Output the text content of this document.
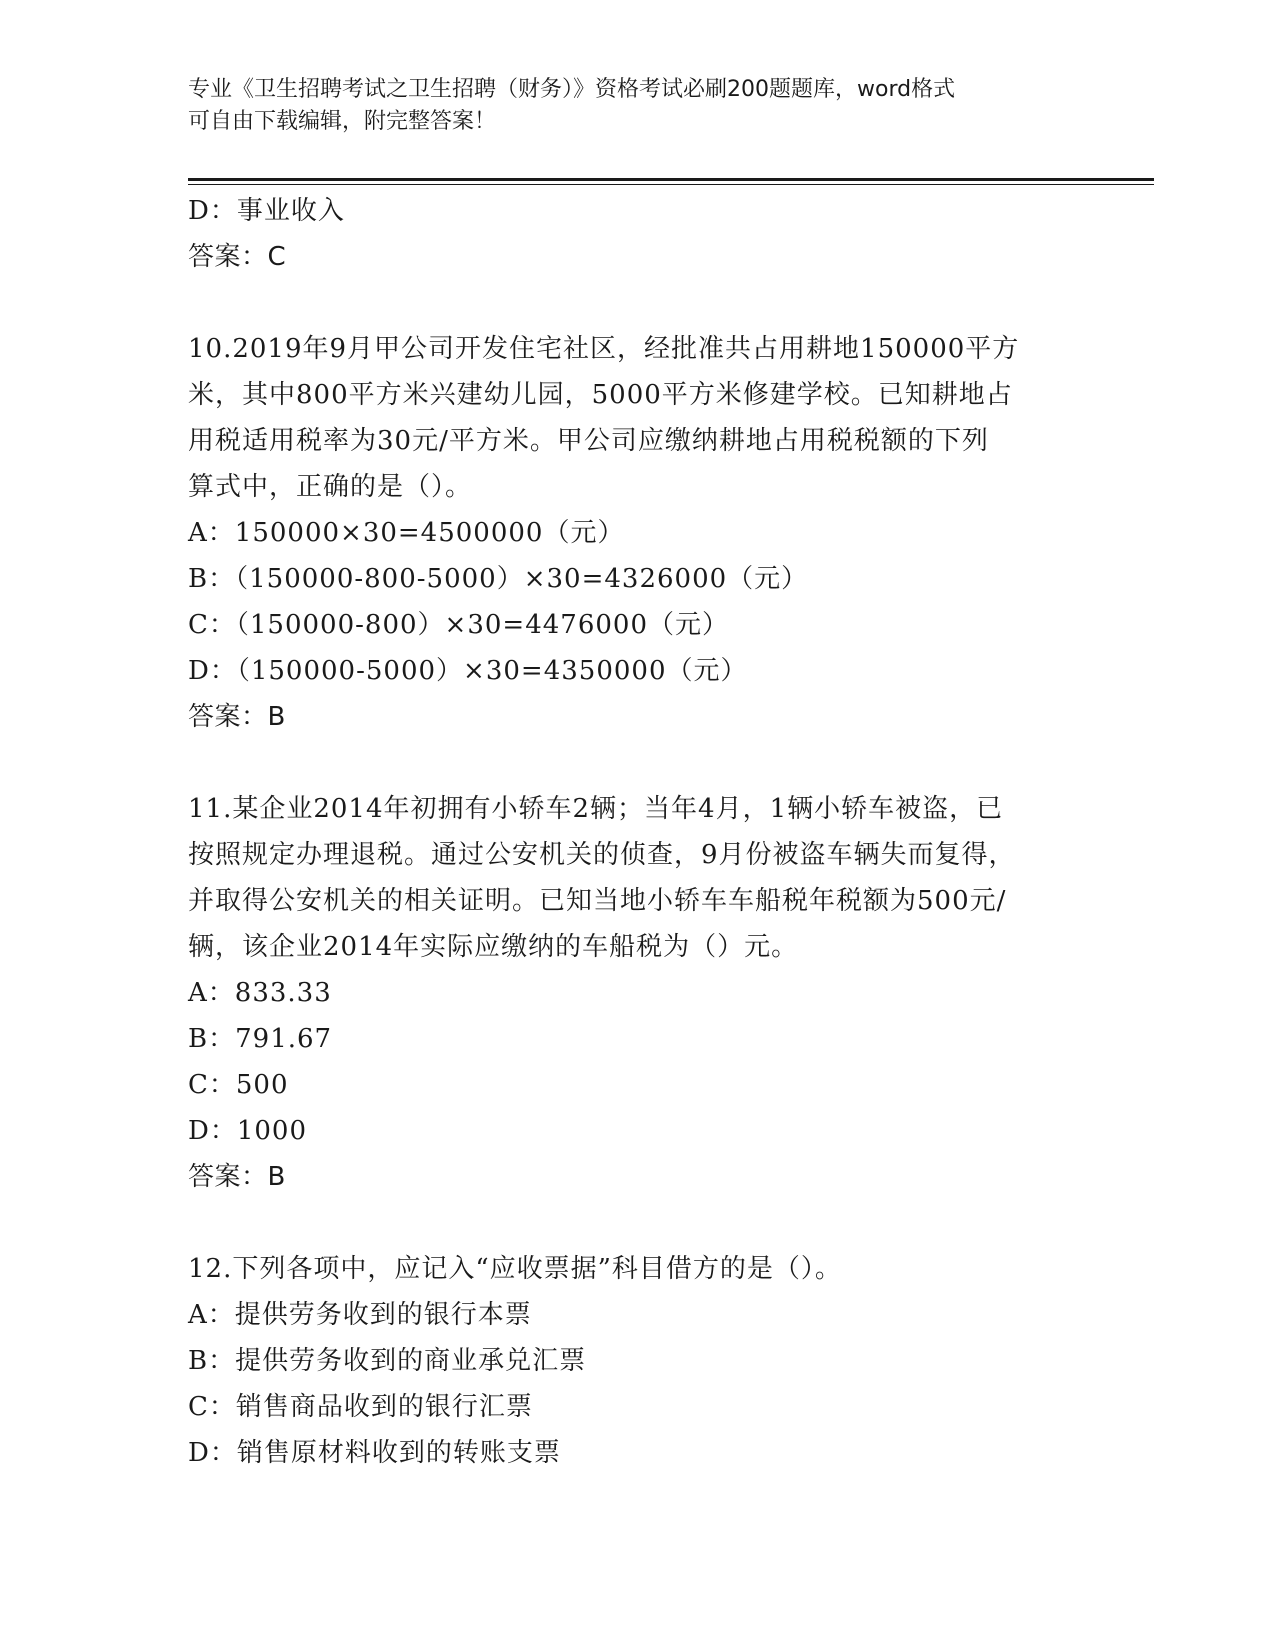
专业《卫生招聘考试之卫生招聘（财务）》资格考试必刷200题题库，word格式
可自由下载编辑，附完整答案！
D：事业收入
答案：C
10.2019年9月甲公司开发住宅社区，经批准共占用耕地150000平方
米，其中800平方米兴建幼儿园，5000平方米修建学校。已知耕地占
用税适用税率为30元/平方米。甲公司应缴纳耕地占用税税额的下列
算式中，正确的是（）。
A：150000×30=4500000（元）
B：（150000-800-5000）×30=4326000（元）
C：（150000-800）×30=4476000（元）
D：（150000-5000）×30=4350000（元）
答案：B
11.某企业2014年初拥有小轿车2辆；当年4月，1辆小轿车被盗，已
按照规定办理退税。通过公安机关的侦查，9月份被盗车辆失而复得，
并取得公安机关的相关证明。已知当地小轿车车船税年税额为500元/
辆，该企业2014年实际应缴纳的车船税为（）元。
A：833.33
B：791.67
C：500
D：1000
答案：B
12.下列各项中，应记入“应收票据”科目借方的是（）。
A：提供劳务收到的银行本票
B：提供劳务收到的商业承兑汇票
C：销售商品收到的银行汇票
D：销售原材料收到的转账支票
